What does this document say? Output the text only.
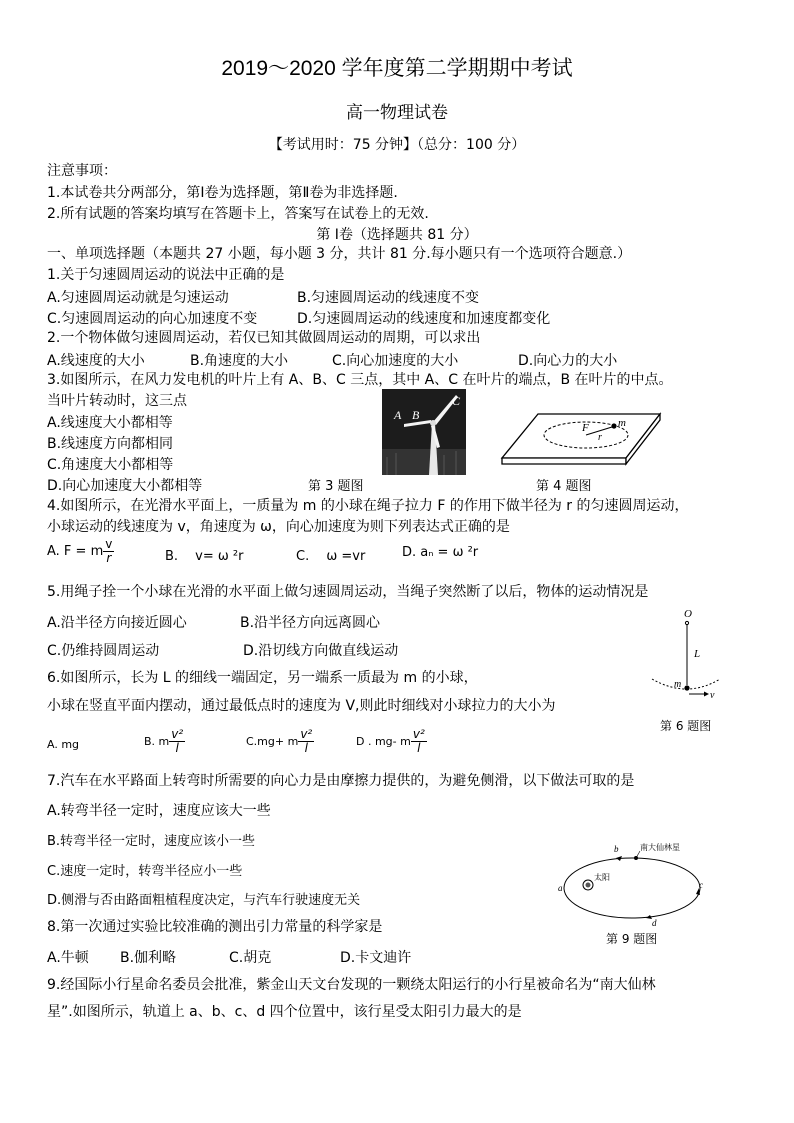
2019～2020 学年度第二学期期中考试
高一物理试卷
【考试用时：75 分钟】（总分：100 分）
注意事项：
1.本试卷共分两部分，第Ⅰ卷为选择题，第Ⅱ卷为非选择题.
2.所有试题的答案均填写在答题卡上，答案写在试卷上的无效.
第 Ⅰ卷（选择题共 81 分）
一、单项选择题（本题共 27 小题，每小题 3 分，共计 81 分.每小题只有一个选项符合题意.）
1.关于匀速圆周运动的说法中正确的是
A.匀速圆周运动就是匀速运动	B.匀速圆周运动的线速度不变
C.匀速圆周运动的向心加速度不变	D.匀速圆周运动的线速度和加速度都变化
2.一个物体做匀速圆周运动，若仅已知其做圆周运动的周期，可以求出
A.线速度的大小	B.角速度的大小	C.向心加速度的大小	D.向心力的大小
3.如图所示，在风力发电机的叶片上有 A、B、C 三点，其中 A、C 在叶片的端点，B 在叶片的中点。
当叶片转动时，这三点
A.线速度大小都相等
B.线速度方向都相同
C.角速度大小都相等
D.向心加速度大小都相等
A B
C
第 3 题图
F
r
m
第 4 题图
4.如图所示，在光滑水平面上，一质量为 m 的小球在绳子拉力 F 的作用下做半径为 r 的匀速圆周运动，
小球运动的线速度为 v，角速度为 ω，向心加速度为则下列表达式正确的是
A. F = m $\frac{v}{r}$	B.　 v= ω ²r	C.　 ω =vr	D. aₙ = ω ²r
5.用绳子拴一个小球在光滑的水平面上做匀速圆周运动，当绳子突然断了以后，物体的运动情况是
A.沿半径方向接近圆心	B.沿半径方向远离圆心
C.仍维持圆周运动	D.沿切线方向做直线运动
O
L
m
v
第 6 题图
6.如图所示，长为 L 的细线一端固定，另一端系一质最为 m 的小球，
小球在竖直平面内摆动，通过最低点时的速度为 V,则此时细线对小球拉力的大小为
A. mg	B. m $\frac{\text{v²}}{l}$	C.mg+ m $\frac{\text{v²}}{l}$	D . mg- m $\frac{\text{v²}}{l}$
7.汽车在水平路面上转弯时所需要的向心力是由摩擦力提供的，为避免侧滑，以下做法可取的是
A.转弯半径一定时，速度应该大一些
B.转弯半径一定时，速度应该小一些
C.速度一定时，转弯半径应小一些
D.侧滑与否由路面粗植程度决定，与汽车行驶速度无关
太阳
南大仙林星
a
b
c
d
第 9 题图
8.第一次通过实验比较准确的测出引力常量的科学家是
A.牛顿 B.伽利略	C.胡克	D.卡文迪许
9.经国际小行星命名委员会批准，紫金山天文台发现的一颗绕太阳运行的小行星被命名为“南大仙林
星”.如图所示，轨道上 a、b、c、d 四个位置中，该行星受太阳引力最大的是
